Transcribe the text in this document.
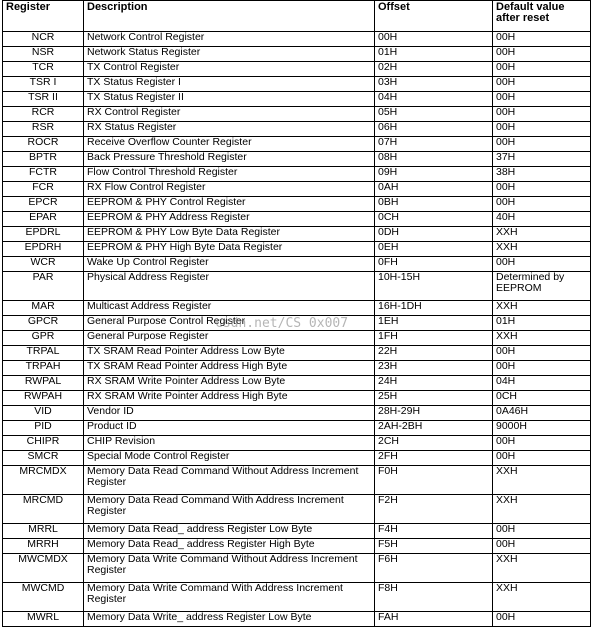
Register	Description	Offset	Default value after reset
NCR	Network Control Register	00H	00H
NSR	Network Status Register	01H	00H
TCR	TX Control Register	02H	00H
TSR I	TX Status Register I	03H	00H
TSR II	TX Status Register II	04H	00H
RCR	RX Control Register	05H	00H
RSR	RX Status Register	06H	00H
ROCR	Receive Overflow Counter Register	07H	00H
BPTR	Back Pressure Threshold Register	08H	37H
FCTR	Flow Control Threshold Register	09H	38H
FCR	RX Flow Control Register	0AH	00H
EPCR	EEPROM & PHY Control Register	0BH	00H
EPAR	EEPROM & PHY Address Register	0CH	40H
EPDRL	EEPROM & PHY Low Byte Data Register	0DH	XXH
EPDRH	EEPROM & PHY High Byte Data Register	0EH	XXH
WCR	Wake Up Control Register	0FH	00H
PAR	Physical Address Register	10H-15H	Determined by EEPROM
MAR	Multicast Address Register	16H-1DH	XXH
GPCR	General Purpose Control Register	1EH	01H
GPR	General Purpose Register	1FH	XXH
TRPAL	TX SRAM Read Pointer Address Low Byte	22H	00H
TRPAH	TX SRAM Read Pointer Address High Byte	23H	00H
RWPAL	RX SRAM Write Pointer Address Low Byte	24H	04H
RWPAH	RX SRAM Write Pointer Address High Byte	25H	0CH
VID	Vendor ID	28H-29H	0A46H
PID	Product ID	2AH-2BH	9000H
CHIPR	CHIP Revision	2CH	00H
SMCR	Special Mode Control Register	2FH	00H
MRCMDX	Memory Data Read Command Without Address Increment Register	F0H	XXH
MRCMD	Memory Data Read Command With Address Increment Register	F2H	XXH
MRRL	Memory Data Read_ address Register Low Byte	F4H	00H
MRRH	Memory Data Read_ address Register High Byte	F5H	00H
MWCMDX	Memory Data Write Command Without Address Increment Register	F6H	XXH
MWCMD	Memory Data Write Command With Address Increment Register	F8H	XXH
MWRL	Memory Data Write_ address Register Low Byte	FAH	00H
csdn.net/CS 0x007
